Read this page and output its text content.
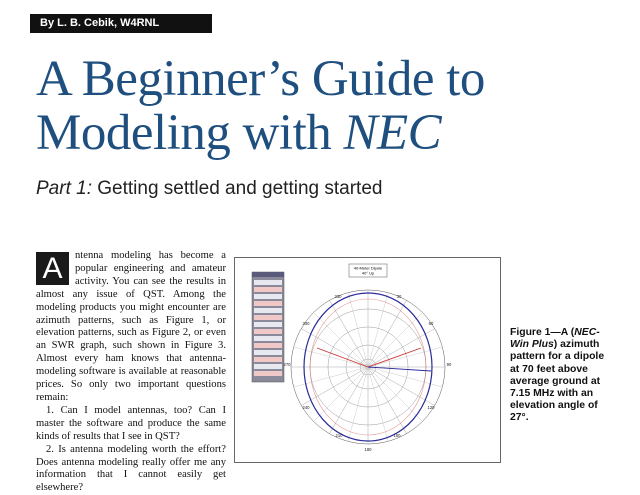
By L. B. Cebik, W4RNL
A Beginner’s Guide to
Modeling with NEC
Part 1: Getting settled and getting started
A	ntenna modeling has become a popular engineering and amateur activity. You can see the results in almost any issue of QST. Among the modeling products you might encounter are azimuth patterns, such as Figure 1, or elevation patterns, such as Figure 2, or even an SWR graph, such shown in Figure 3. Almost every ham knows that antenna-modeling software is available at reasonable prices. So only two important questions remain:

1. Can I model antennas, too? Can I master the software and produce the same kinds of results that I see in QST?

2. Is antenna modeling worth the effort? Does antenna modeling really offer me any information that I cannot easily get elsewhere?

40-Meter Dipole
40° Up
330	30
300	60
270	90
240	120
210	150
180
Figure 1—A (NEC-Win Plus) azimuth pattern for a dipole at 70 feet above average ground at 7.15 MHz with an elevation angle of 27°.
